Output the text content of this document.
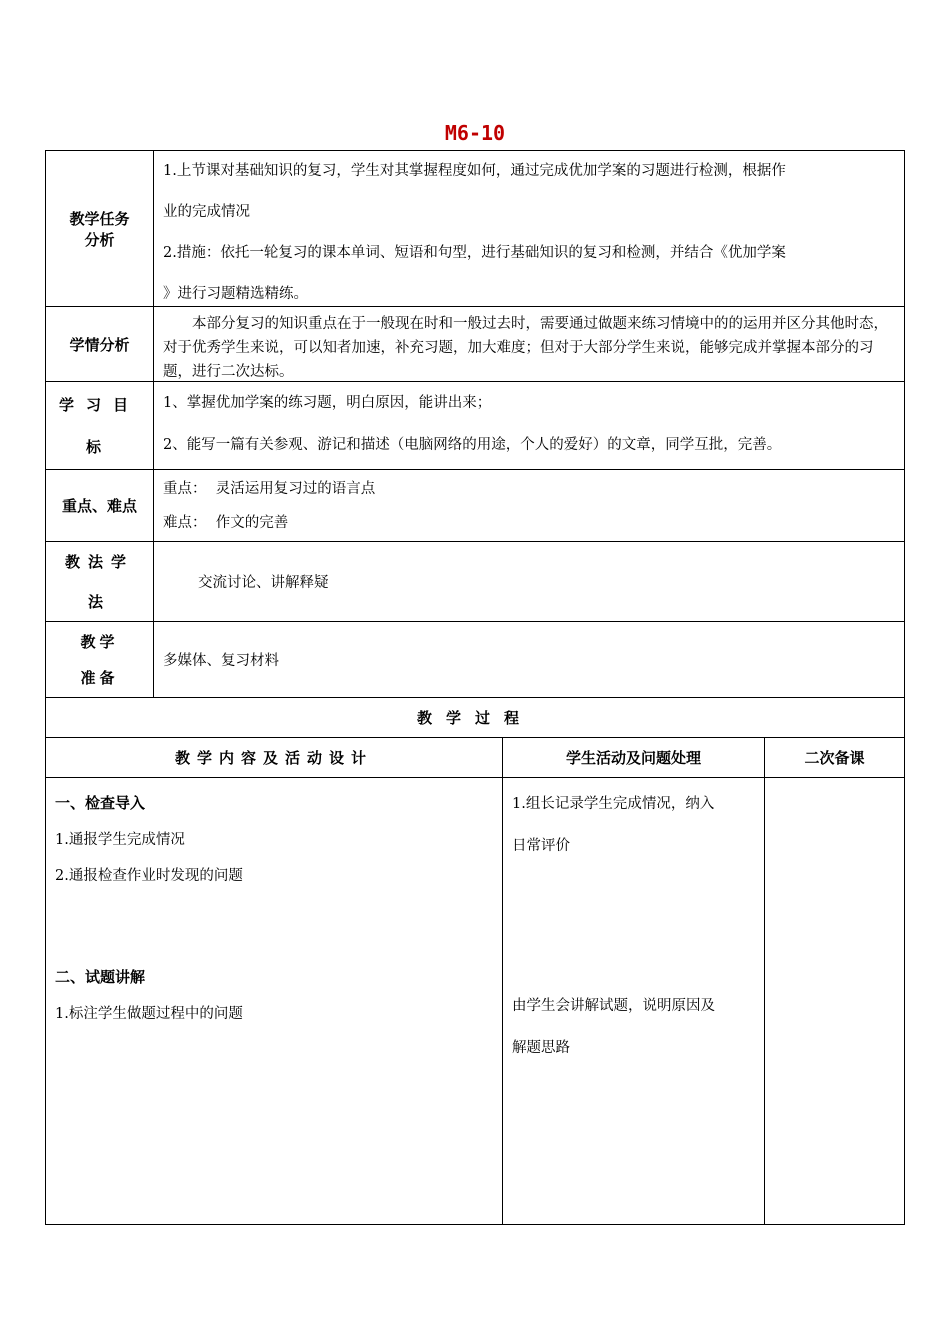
M6-10
教学任务
分析

1.上节课对基础知识的复习，学生对其掌握程度如何，通过完成优加学案的习题进行检测，根据作

业的完成情况

2.措施：依托一轮复习的课本单词、短语和句型，进行基础知识的复习和检测，并结合《优加学案

》进行习题精选精练。

学情分析
本部分复习的知识重点在于一般现在时和一般过去时，需要通过做题来练习情境中的的运用并区分其他时态，对于优秀学生来说，可以知者加速，补充习题，加大难度；但对于大部分学生来说，能够完成并掌握本部分的习题，进行二次达标。
学习目
标

1、掌握优加学案的练习题，明白原因，能讲出来；

2、能写一篇有关参观、游记和描述（电脑网络的用途，个人的爱好）的文章，同学互批，完善。

重点、难点

重点：  灵活运用复习过的语言点

难点：  作文的完善

教法学
法
交流讨论、讲解释疑
教学
准备
多媒体、复习材料
教学过程
教学内容及活动设计	学生活动及问题处理	二次备课
一、检查导入
1.通报学生完成情况
2.通报检查作业时发现的问题
二、试题讲解
1.标注学生做题过程中的问题
1.组长记录学生完成情况，纳入
日常评价
由学生会讲解试题，说明原因及
解题思路
